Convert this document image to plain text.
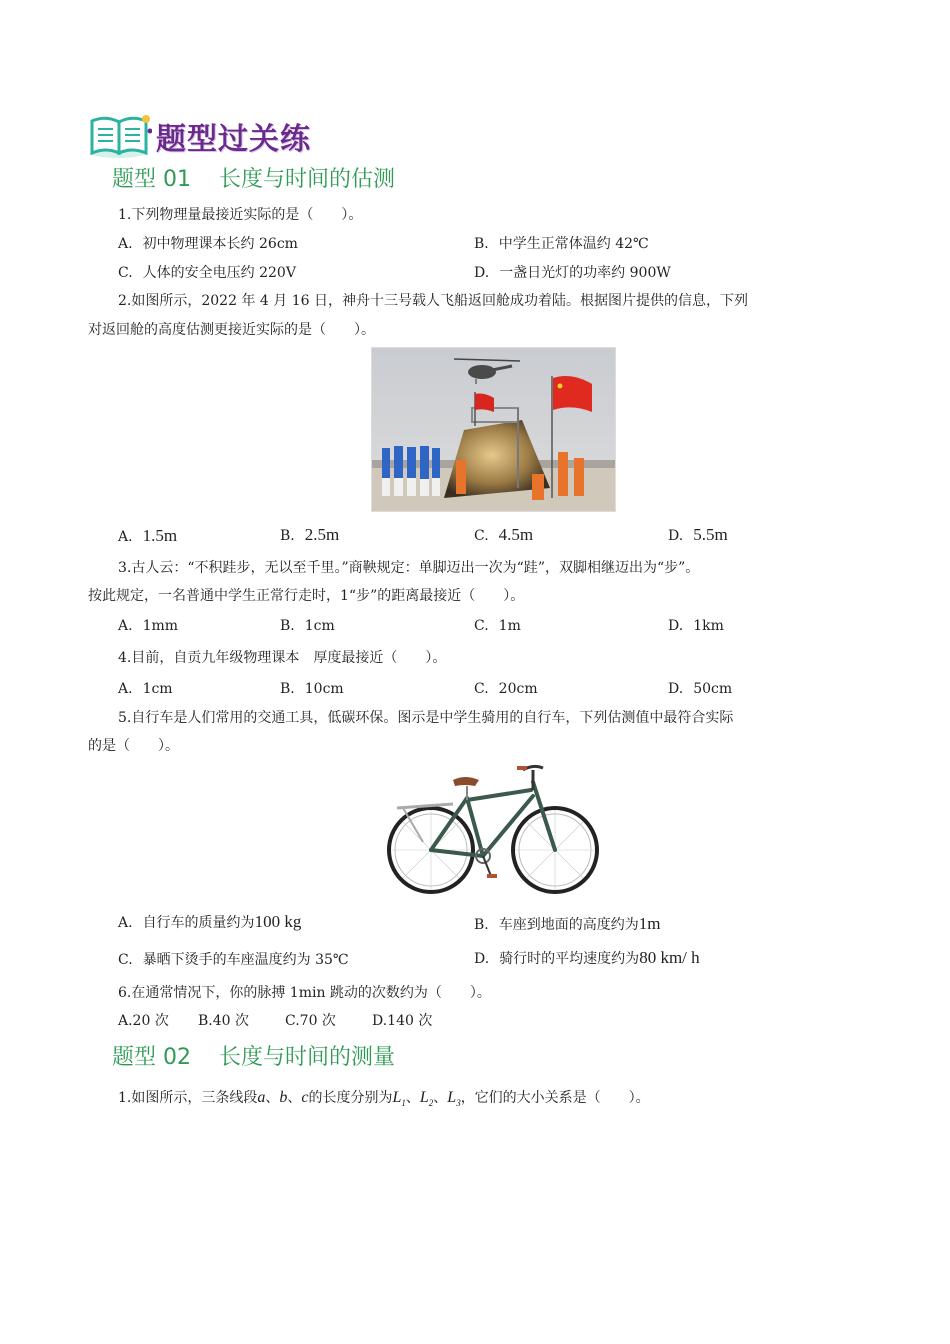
题型过关练
题型 01 长度与时间的估测
1.下列物理量最接近实际的是（　　）。
A. 初中物理课本长约 26cm	B. 中学生正常体温约 42℃
C. 人体的安全电压约 220V	D. 一盏日光灯的功率约 900W
2.如图所示，2022 年 4 月 16 日，神舟十三号载人飞船返回舱成功着陆。根据图片提供的信息，下列
对返回舱的高度估测更接近实际的是（　　）。
A. 1.5m	B. 2.5m	C. 4.5m	D. 5.5m
3.古人云：“不积跬步，无以至千里。”商鞅规定：单脚迈出一次为“跬”，双脚相继迈出为“步”。
按此规定，一名普通中学生正常行走时，1“步”的距离最接近（　　）。
A. 1mm	B. 1cm	C. 1m	D. 1km
4.目前，自贡九年级物理课本　厚度最接近（　　）。
A. 1cm	B. 10cm	C. 20cm	D. 50cm
5.自行车是人们常用的交通工具，低碳环保。图示是中学生骑用的自行车，下列估测值中最符合实际
的是（　　）。
A. 自行车的质量约为100 kg	B. 车座到地面的高度约为1m
C. 暴晒下烫手的车座温度约为 35℃	D. 骑行时的平均速度约为80 km/ h
6.在通常情况下，你的脉搏 1min 跳动的次数约为（　　）。
A.20 次 B.40 次	C.70 次	D.140 次
题型 02 长度与时间的测量
1.如图所示，三条线段a、b、c的长度分别为$L_1$、$L_2$、$L_3$，它们的大小关系是（　　）。
